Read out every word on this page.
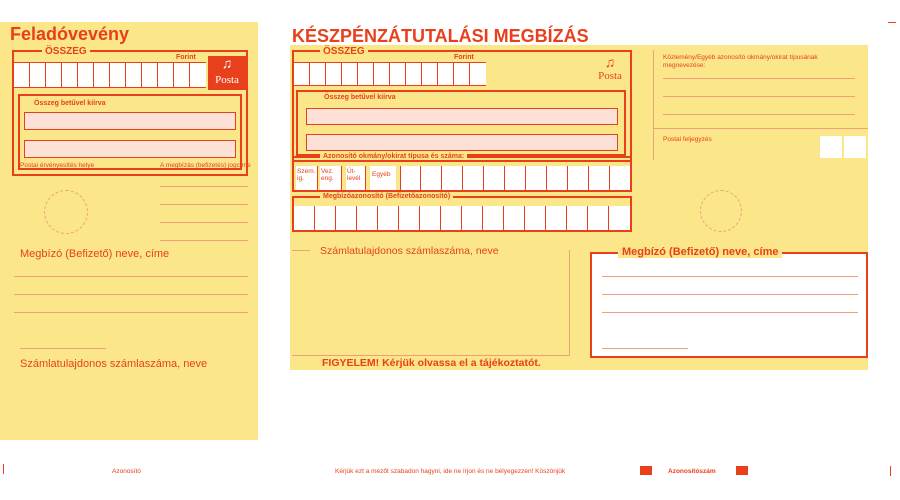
Feladóvevény
ÖSSZEG
Forint	♫
Posta
Összeg betűvel kiírva
Postai érvényesítés helye	A megbízás (befizetés) jogcíme
Megbízó (Befizető) neve, címe
Számlatulajdonos számlaszáma, neve
KÉSZPÉNZÁTUTALÁSI MEGBÍZÁS
ÖSSZEG
Forint	♫
Posta
Összeg betűvel kiírva
Azonosító okmány/okirat típusa és száma:
Szem. ig.
Vez. eng.
Út-levél
Egyéb
Megbízóazonosító (Befizetőazonosító)
Közlemény/Egyéb azonosító okmány/okirat típusának megnevezése:
Postai feljegyzés
Számlatulajdonos számlaszáma, neve	Megbízó (Befizető) neve, címe
FIGYELEM! Kérjük olvassa el a tájékoztatót.
Azonosító	Kérjük ezt a mezőt szabadon hagyni, ide ne írjon és ne bélyegezzen! Köszönjük	Azonosítószám
